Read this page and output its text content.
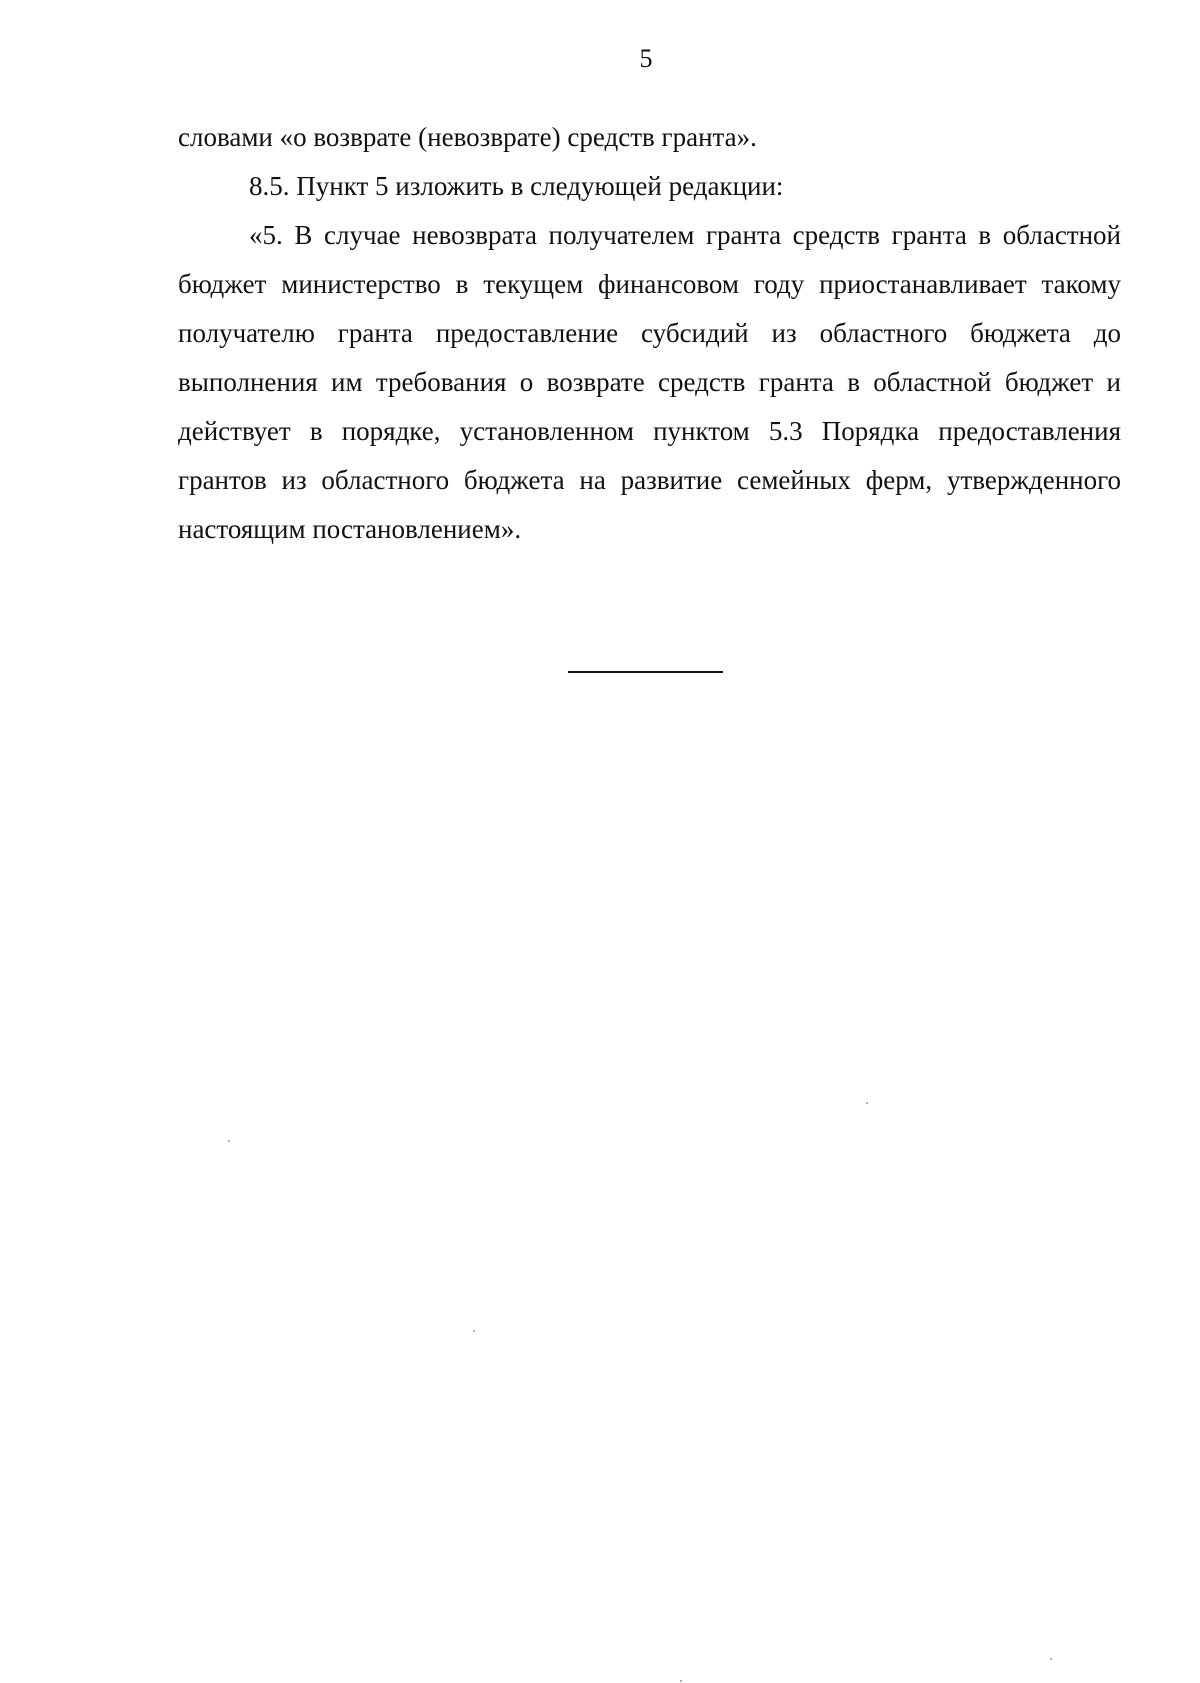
5
словами «о возврате (невозврате) средств гранта».
8.5. Пункт 5 изложить в следующей редакции:
«5. В случае невозврата получателем гранта средств гранта в областной
бюджет министерство в текущем финансовом году приостанавливает такому
получателю гранта предоставление субсидий из областного бюджета до
выполнения им требования о возврате средств гранта в областной бюджет и
действует в порядке, установленном пунктом 5.3 Порядка предоставления
грантов из областного бюджета на развитие семейных ферм, утвержденного
настоящим постановлением».
